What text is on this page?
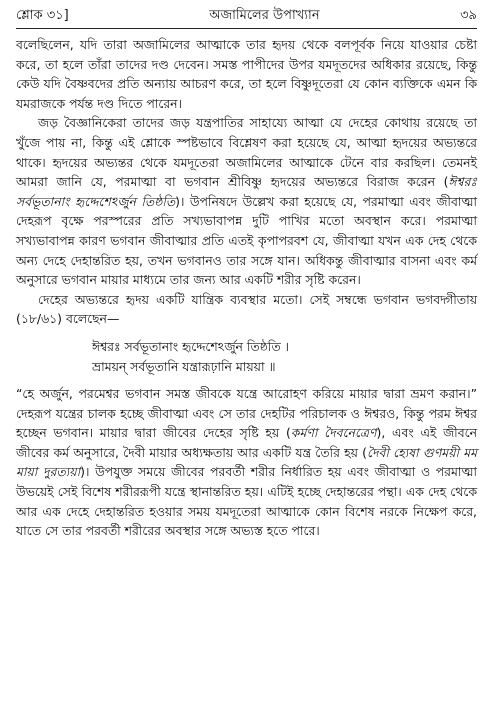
শ্লোক ৩১]	অজামিলের উপাখ্যান	৩৯

বলেছিলেন, যদি তারা অজামিলের আত্মাকে তার হৃদয় থেকে বলপূর্বক নিয়ে যাওয়ার চেষ্টা করে, তা হলে তাঁরা তাদের দণ্ড দেবেন। সমস্ত পাপীদের উপর যমদূতদের অধিকার রয়েছে, কিন্তু কেউ যদি বৈষ্ণবদের প্রতি অন্যায় আচরণ করে, তা হলে বিষ্ণুদূতেরা যে কোন ব্যক্তিকে এমন কি যমরাজকে পর্যন্ত দণ্ড দিতে পারেন।

জড় বৈজ্ঞানিকেরা তাদের জড় যন্ত্রপাতির সাহায্যে আত্মা যে দেহের কোথায় রয়েছে তা খুঁজে পায় না, কিন্তু এই শ্লোকে স্পষ্টভাবে বিশ্লেষণ করা হয়েছে যে, আত্মা হৃদয়ের অভ্যন্তরে থাকে। হৃদয়ের অভ্যন্তর থেকে যমদূতেরা অজামিলের আত্মাকে টেনে বার করছিল। তেমনই আমরা জানি যে, পরমাত্মা বা ভগবান শ্রীবিষ্ণু হৃদয়ের অভ্যন্তরে বিরাজ করেন (ঈশ্বরঃ সর্বভূতানাং হৃদ্দেশেঽর্জুন তিষ্ঠতি)। উপনিষদে উল্লেখ করা হয়েছে যে, পরমাত্মা এবং জীবাত্মা দেহরূপ বৃক্ষে পরস্পরের প্রতি সখ্যভাবাপন্ন দুটি পাখির মতো অবস্থান করে। পরমাত্মা সখ্যভাবাপন্ন কারণ ভগবান জীবাত্মার প্রতি এতই কৃপাপরবশ যে, জীবাত্মা যখন এক দেহ থেকে অন্য দেহে দেহান্তরিত হয়, তখন ভগবানও তার সঙ্গে যান। অধিকন্তু জীবাত্মার বাসনা এবং কর্ম অনুসারে ভগবান মায়ার মাধ্যমে তার জন্য আর একটি শরীর সৃষ্টি করেন।

দেহের অভ্যন্তরে হৃদয় একটি যান্ত্রিক ব্যবস্থার মতো। সেই সম্বন্ধে ভগবান ভগবদ্গীতায় (১৮/৬১) বলেছেন—

ঈশ্বরঃ সর্বভূতানাং হৃদ্দেশেঽর্জুন তিষ্ঠতি ।
ভ্রাময়ন্ সর্বভূতানি যন্ত্রারূঢ়ানি মায়য়া ॥

“হে অর্জুন, পরমেশ্বর ভগবান সমস্ত জীবকে যন্ত্রে আরোহণ করিয়ে মায়ার দ্বারা ভ্রমণ করান।” দেহরূপ যন্ত্রের চালক হচ্ছে জীবাত্মা এবং সে তার দেহটির পরিচালক ও ঈশ্বরও, কিন্তু পরম ঈশ্বর হচ্ছেন ভগবান। মায়ার দ্বারা জীবের দেহের সৃষ্টি হয় (কর্মণা দৈবনেত্রেণ), এবং এই জীবনে জীবের কর্ম অনুসারে, দৈবী মায়ার অধ্যক্ষতায় আর একটি যন্ত্র তৈরি হয় (দৈবী হ্যেষা গুণময়ী মম মায়া দুরত্যয়া)। উপযুক্ত সময়ে জীবের পরবর্তী শরীর নির্ধারিত হয় এবং জীবাত্মা ও পরমাত্মা উভয়েই সেই বিশেষ শরীররূপী যন্ত্রে স্থানান্তরিত হয়। এটিই হচ্ছে দেহান্তরের পন্থা। এক দেহ থেকে আর এক দেহে দেহান্তরিত হওয়ার সময় যমদূতেরা আত্মাকে কোন বিশেষ নরকে নিক্ষেপ করে, যাতে সে তার পরবর্তী শরীরের অবস্থার সঙ্গে অভ্যস্ত হতে পারে।
